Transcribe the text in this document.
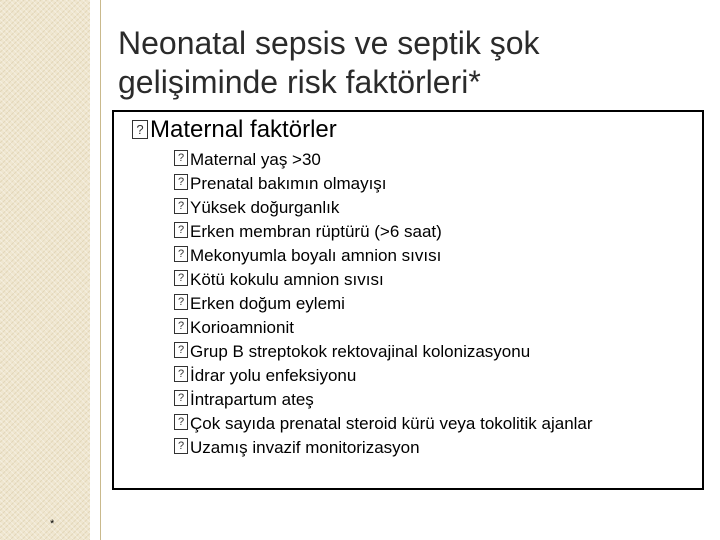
Neonatal sepsis ve septik şok
gelişiminde risk faktörleri*
?Maternal faktörler
?Maternal yaş >30
?Prenatal bakımın olmayışı
?Yüksek doğurganlık
?Erken membran rüptürü (>6 saat)
?Mekonyumla boyalı amnion sıvısı
?Kötü kokulu amnion sıvısı
?Erken doğum eylemi
?Korioamnionit
?Grup B streptokok rektovajinal kolonizasyonu
?İdrar yolu enfeksiyonu
?İntrapartum ateş
?Çok sayıda prenatal steroid kürü veya tokolitik ajanlar
?Uzamış invazif monitorizasyon
*
